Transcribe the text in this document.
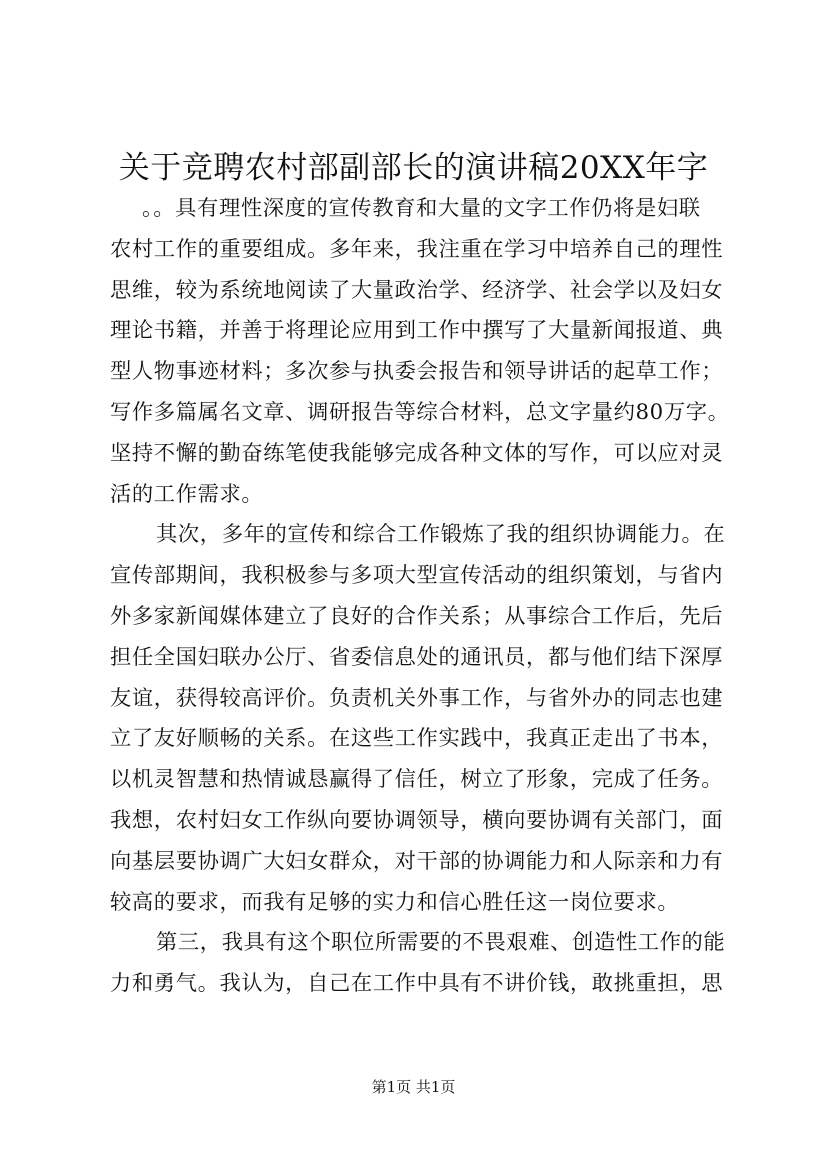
关于竞聘农村部副部长的演讲稿20XX年字

。。具有理性深度的宣传教育和大量的文字工作仍将是妇联
农村工作的重要组成。多年来，我注重在学习中培养自己的理性
思维，较为系统地阅读了大量政治学、经济学、社会学以及妇女
理论书籍，并善于将理论应用到工作中撰写了大量新闻报道、典
型人物事迹材料；多次参与执委会报告和领导讲话的起草工作；
写作多篇属名文章、调研报告等综合材料，总文字量约80万字。
坚持不懈的勤奋练笔使我能够完成各种文体的写作，可以应对灵
活的工作需求。

其次，多年的宣传和综合工作锻炼了我的组织协调能力。在
宣传部期间，我积极参与多项大型宣传活动的组织策划，与省内
外多家新闻媒体建立了良好的合作关系；从事综合工作后，先后
担任全国妇联办公厅、省委信息处的通讯员，都与他们结下深厚
友谊，获得较高评价。负责机关外事工作，与省外办的同志也建
立了友好顺畅的关系。在这些工作实践中，我真正走出了书本，
以机灵智慧和热情诚恳赢得了信任，树立了形象，完成了任务。
我想，农村妇女工作纵向要协调领导，横向要协调有关部门，面
向基层要协调广大妇女群众，对干部的协调能力和人际亲和力有
较高的要求，而我有足够的实力和信心胜任这一岗位要求。

第三，我具有这个职位所需要的不畏艰难、创造性工作的能
力和勇气。我认为，自己在工作中具有不讲价钱，敢挑重担，思

第1页 共1页
